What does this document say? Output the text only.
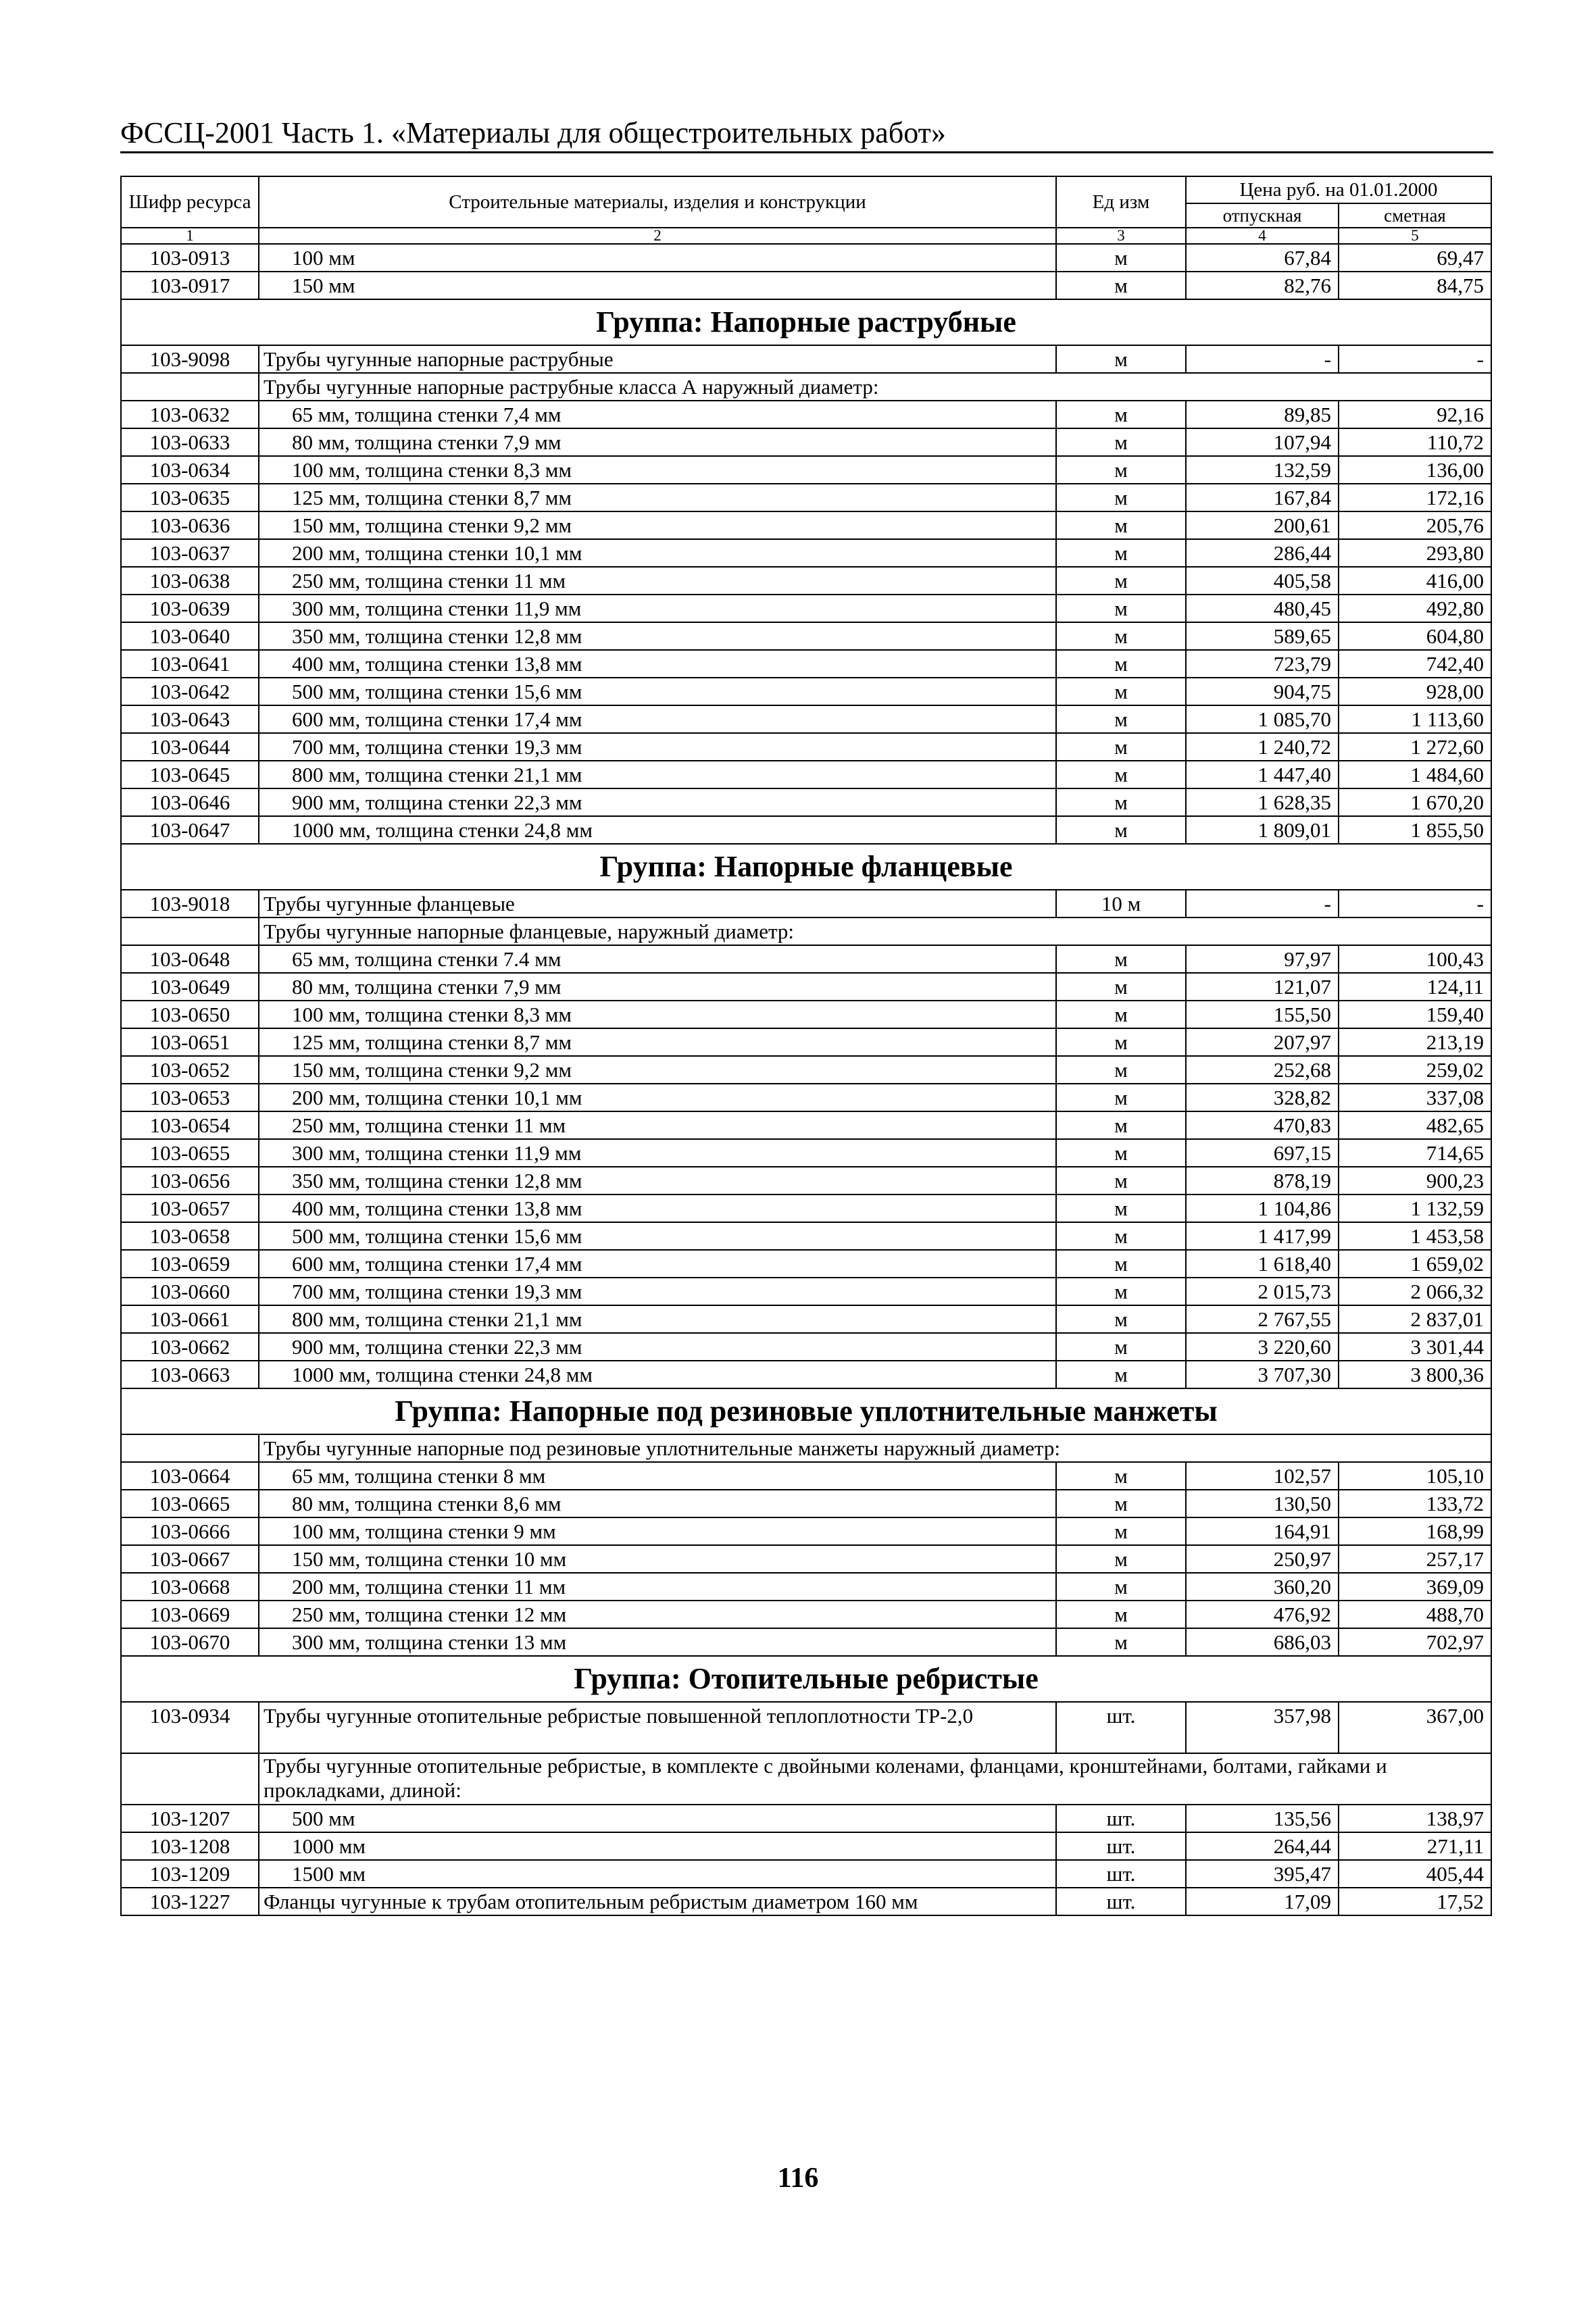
ФССЦ-2001 Часть 1. «Материалы для общестроительных работ»
Шифр ресурса	Строительные материалы, изделия и конструкции	Ед изм	Цена руб. на 01.01.2000	
			отпускная	сметная
1	2	3	4	5
103-0913	100 мм	м	67,84	69,47
103-0917	150 мм	м	82,76	84,75
Группа: Напорные раструбные				
103-9098	Трубы чугунные напорные раструбные	м	-	-
	Трубы чугунные напорные раструбные класса А наружный диаметр:			
103-0632	65 мм, толщина стенки 7,4 мм	м	89,85	92,16
103-0633	80 мм, толщина стенки 7,9 мм	м	107,94	110,72
103-0634	100 мм, толщина стенки 8,3 мм	м	132,59	136,00
103-0635	125 мм, толщина стенки 8,7 мм	м	167,84	172,16
103-0636	150 мм, толщина стенки 9,2 мм	м	200,61	205,76
103-0637	200 мм, толщина стенки 10,1 мм	м	286,44	293,80
103-0638	250 мм, толщина стенки 11 мм	м	405,58	416,00
103-0639	300 мм, толщина стенки 11,9 мм	м	480,45	492,80
103-0640	350 мм, толщина стенки 12,8 мм	м	589,65	604,80
103-0641	400 мм, толщина стенки 13,8 мм	м	723,79	742,40
103-0642	500 мм, толщина стенки 15,6 мм	м	904,75	928,00
103-0643	600 мм, толщина стенки 17,4 мм	м	1 085,70	1 113,60
103-0644	700 мм, толщина стенки 19,3 мм	м	1 240,72	1 272,60
103-0645	800 мм, толщина стенки 21,1 мм	м	1 447,40	1 484,60
103-0646	900 мм, толщина стенки 22,3 мм	м	1 628,35	1 670,20
103-0647	1000 мм, толщина стенки 24,8 мм	м	1 809,01	1 855,50
Группа: Напорные фланцевые				
103-9018	Трубы чугунные фланцевые	10 м	-	-
	Трубы чугунные напорные фланцевые, наружный диаметр:			
103-0648	65 мм, толщина стенки 7.4 мм	м	97,97	100,43
103-0649	80 мм, толщина стенки 7,9 мм	м	121,07	124,11
103-0650	100 мм, толщина стенки 8,3 мм	м	155,50	159,40
103-0651	125 мм, толщина стенки 8,7 мм	м	207,97	213,19
103-0652	150 мм, толщина стенки 9,2 мм	м	252,68	259,02
103-0653	200 мм, толщина стенки 10,1 мм	м	328,82	337,08
103-0654	250 мм, толщина стенки 11 мм	м	470,83	482,65
103-0655	300 мм, толщина стенки 11,9 мм	м	697,15	714,65
103-0656	350 мм, толщина стенки 12,8 мм	м	878,19	900,23
103-0657	400 мм, толщина стенки 13,8 мм	м	1 104,86	1 132,59
103-0658	500 мм, толщина стенки 15,6 мм	м	1 417,99	1 453,58
103-0659	600 мм, толщина стенки 17,4 мм	м	1 618,40	1 659,02
103-0660	700 мм, толщина стенки 19,3 мм	м	2 015,73	2 066,32
103-0661	800 мм, толщина стенки 21,1 мм	м	2 767,55	2 837,01
103-0662	900 мм, толщина стенки 22,3 мм	м	3 220,60	3 301,44
103-0663	1000 мм, толщина стенки 24,8 мм	м	3 707,30	3 800,36
Группа: Напорные под резиновые уплотнительные манжеты				
	Трубы чугунные напорные под резиновые уплотнительные манжеты наружный диаметр:			
103-0664	65 мм, толщина стенки 8 мм	м	102,57	105,10
103-0665	80 мм, толщина стенки 8,6 мм	м	130,50	133,72
103-0666	100 мм, толщина стенки 9 мм	м	164,91	168,99
103-0667	150 мм, толщина стенки 10 мм	м	250,97	257,17
103-0668	200 мм, толщина стенки 11 мм	м	360,20	369,09
103-0669	250 мм, толщина стенки 12 мм	м	476,92	488,70
103-0670	300 мм, толщина стенки 13 мм	м	686,03	702,97
Группа: Отопительные ребристые				
103-0934	Трубы чугунные отопительные ребристые повышенной теплоплотности ТР-2,0	шт.	357,98	367,00
	Трубы чугунные отопительные ребристые, в комплекте с двойными коленами, фланцами, кронштейнами, болтами, гайками и прокладками, длиной:			
103-1207	500 мм	шт.	135,56	138,97
103-1208	1000 мм	шт.	264,44	271,11
103-1209	1500 мм	шт.	395,47	405,44
103-1227	Фланцы чугунные к трубам отопительным ребристым диаметром 160 мм	шт.	17,09	17,52
116
